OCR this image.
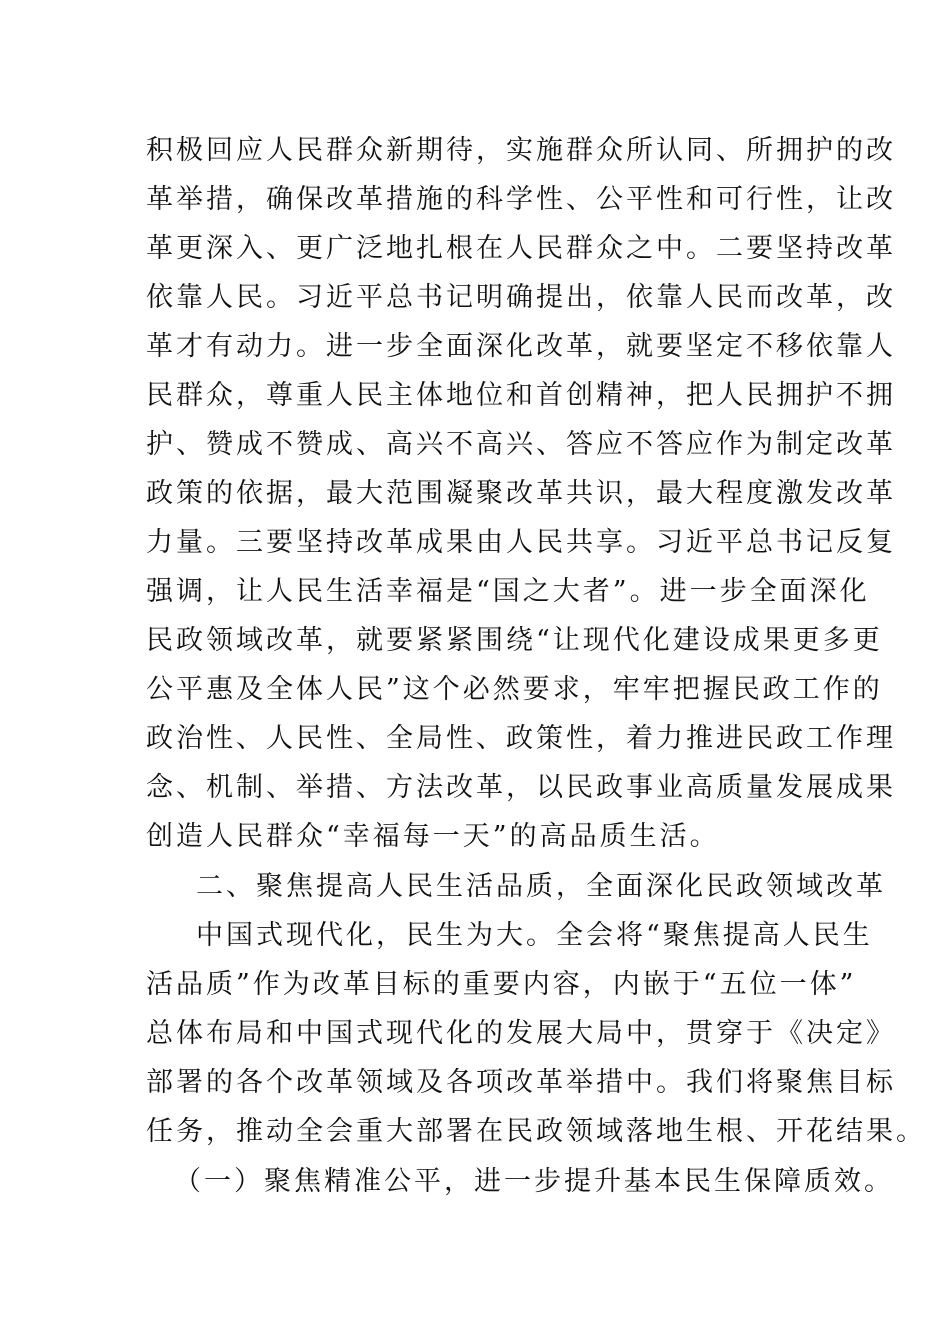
积极回应人民群众新期待，实施群众所认同、所拥护的改
革举措，确保改革措施的科学性、公平性和可行性，让改
革更深入、更广泛地扎根在人民群众之中。二要坚持改革
依靠人民。习近平总书记明确提出，依靠人民而改革，改
革才有动力。进一步全面深化改革，就要坚定不移依靠人
民群众，尊重人民主体地位和首创精神，把人民拥护不拥
护、赞成不赞成、高兴不高兴、答应不答应作为制定改革
政策的依据，最大范围凝聚改革共识，最大程度激发改革
力量。三要坚持改革成果由人民共享。习近平总书记反复
强调，让人民生活幸福是“国之大者”。进一步全面深化
民政领域改革，就要紧紧围绕“让现代化建设成果更多更
公平惠及全体人民”这个必然要求，牢牢把握民政工作的
政治性、人民性、全局性、政策性，着力推进民政工作理
念、机制、举措、方法改革，以民政事业高质量发展成果
创造人民群众“幸福每一天”的高品质生活。
二、聚焦提高人民生活品质，全面深化民政领域改革
中国式现代化，民生为大。全会将“聚焦提高人民生
活品质”作为改革目标的重要内容，内嵌于“五位一体”
总体布局和中国式现代化的发展大局中，贯穿于《决定》
部署的各个改革领域及各项改革举措中。我们将聚焦目标
任务，推动全会重大部署在民政领域落地生根、开花结果。
（一）聚焦精准公平，进一步提升基本民生保障质效。
